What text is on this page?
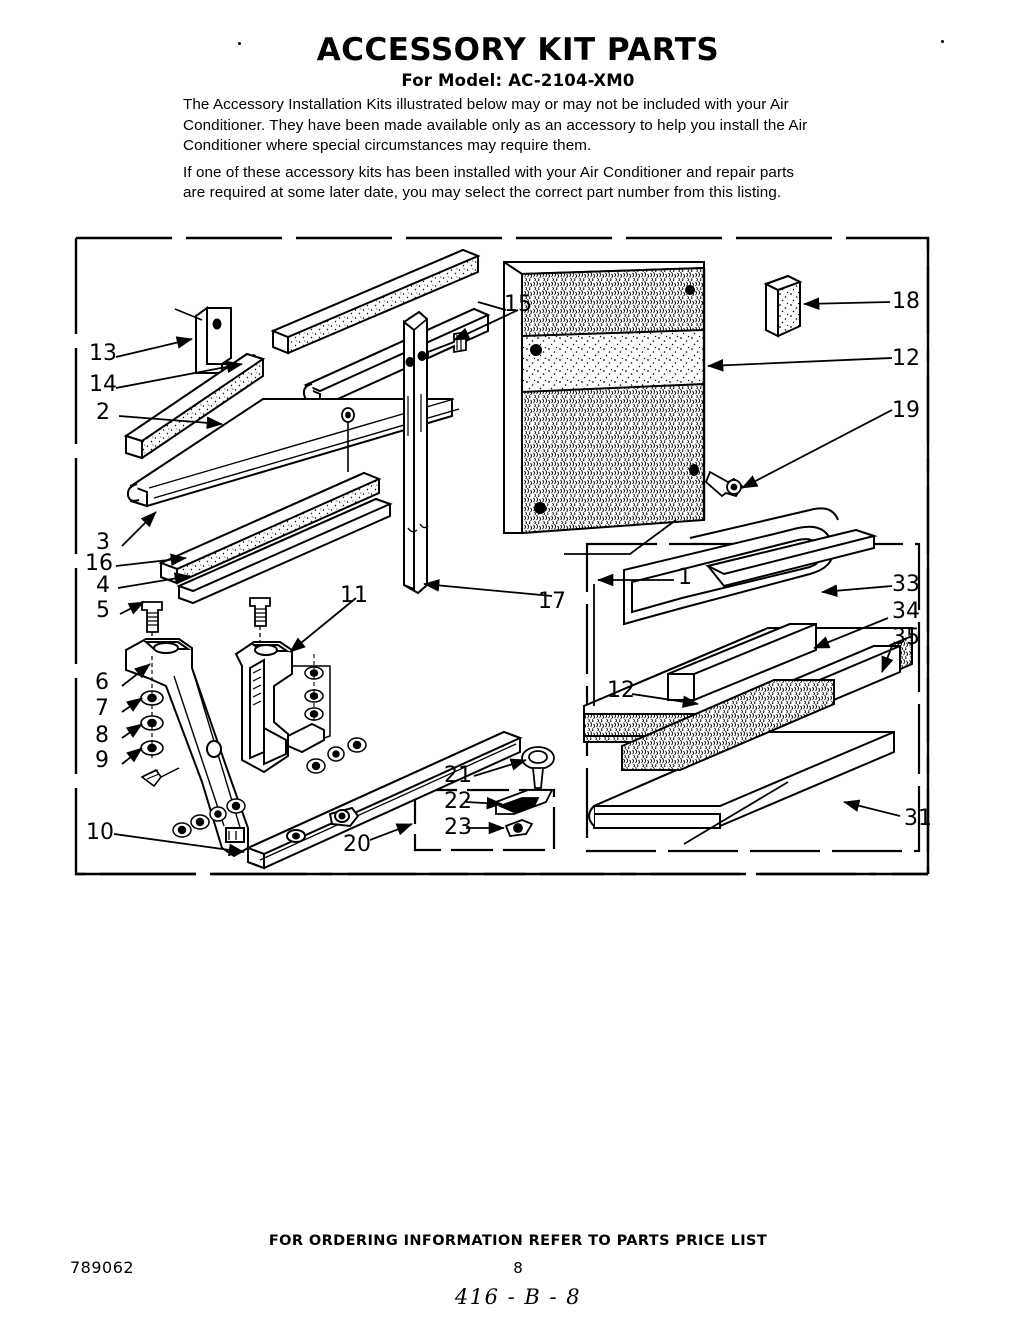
ACCESSORY KIT PARTS
For Model: AC-2104-XM0

The Accessory Installation Kits illustrated below may or may not be included with your Air Conditioner. They have been made available only as an accessory to help you install the Air Conditioner where special circumstances may require them.

If one of these accessory kits has been installed with your Air Conditioner and repair parts are required at some later date, you may select the correct part number from this listing.

13
14
2
3
16
4
5
6
7
8
9
10
11
20
15
17
18
12
19
21
22
23
1	33
34
35
12
31
FOR ORDERING INFORMATION REFER TO PARTS PRICE LIST
789062	8
416 - B - 8
